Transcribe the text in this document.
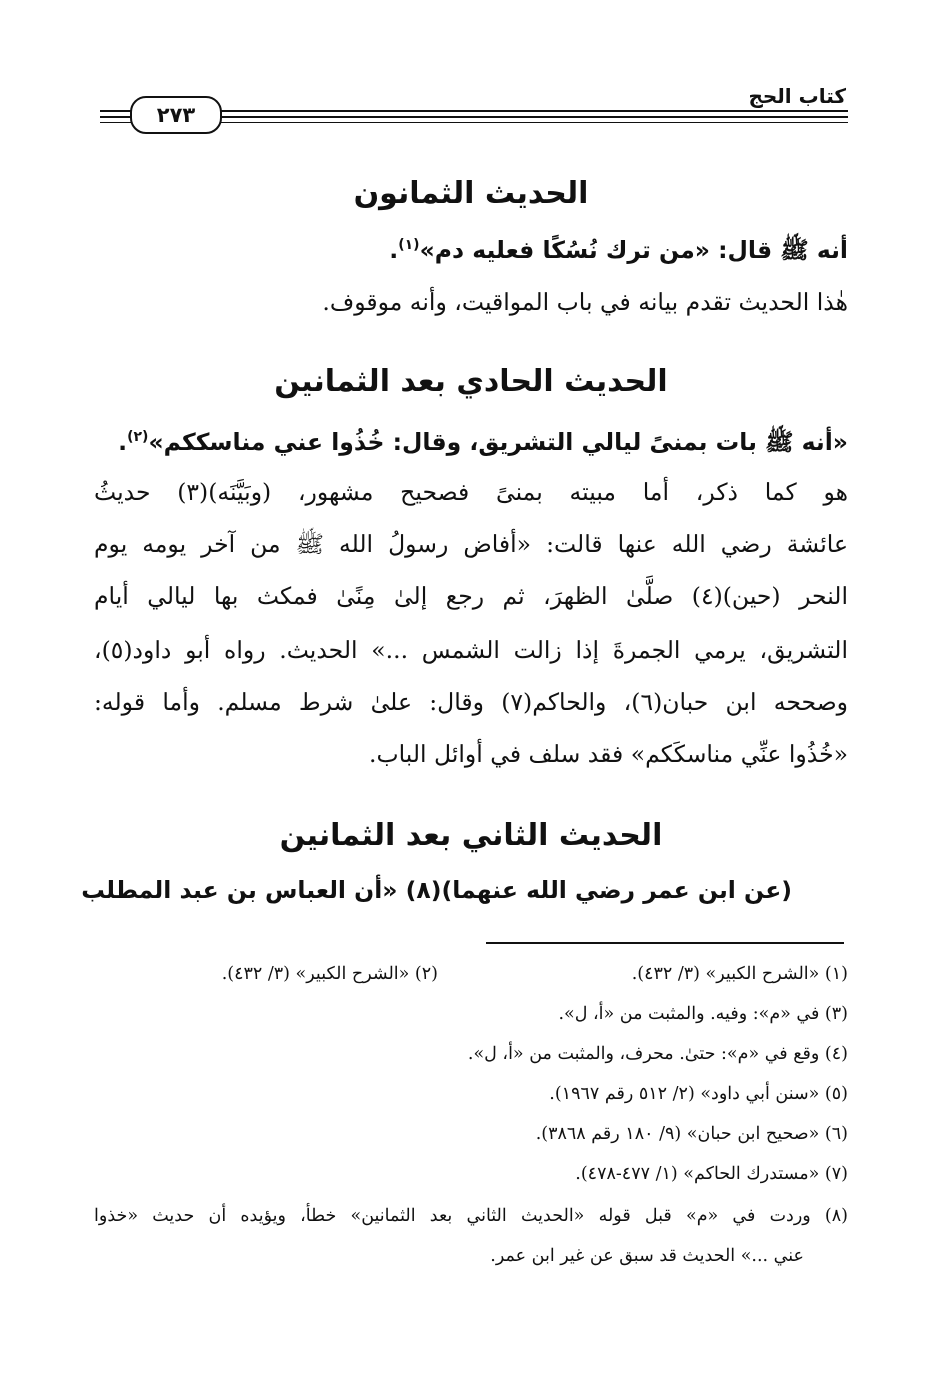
٢٧٣
كتاب الحج
الحديث الثمانون
أنه ﷺ قال: «من ترك نُسُكًا فعليه دم»$^{(١)}$.
هٰذا الحديث تقدم بيانه في باب المواقيت، وأنه موقوف.
الحديث الحادي بعد الثمانين
«أنه ﷺ بات بمنىً ليالي التشريق، وقال: خُذُوا عني مناسككم»$^{(٢)}$.
هو كما ذكر، أما مبيته بمنىً فصحيح مشهور، (وبَيَّنَه)(٣) حديثُ
عائشة رضي الله عنها قالت: «أفاض رسولُ الله ﷺ من آخر يومه يوم
النحر (حين)(٤) صلَّىٰ الظهرَ، ثم رجع إلىٰ مِنًىٰ فمكث بها ليالي أيام
التشريق، يرمي الجمرةَ إذا زالت الشمس ...» الحديث. رواه أبو داود(٥)،
وصححه ابن حبان(٦)، والحاكم(٧) وقال: علىٰ شرط مسلم. وأما قوله:
«خُذُوا عنِّي مناسكَكم» فقد سلف في أوائل الباب.
الحديث الثاني بعد الثمانين
(عن ابن عمر رضي الله عنهما)(٨) «أن العباس بن عبد المطلب
(١) «الشرح الكبير» (٣/ ٤٣٢).
(٢) «الشرح الكبير» (٣/ ٤٣٢).
(٣) في «م»: وفيه. والمثبت من «أ، ل».
(٤) وقع في «م»: حتىٰ. محرف، والمثبت من «أ، ل».
(٥) «سنن أبي داود» (٢/ ٥١٢ رقم ١٩٦٧).
(٦) «صحيح ابن حبان» (٩/ ١٨٠ رقم ٣٨٦٨).
(٧) «مستدرك الحاكم» (١/ ٤٧٧-٤٧٨).
(٨) وردت في «م» قبل قوله «الحديث الثاني بعد الثمانين» خطأ، ويؤيده أن حديث «خذوا
عني ...» الحديث قد سبق عن غير ابن عمر.
